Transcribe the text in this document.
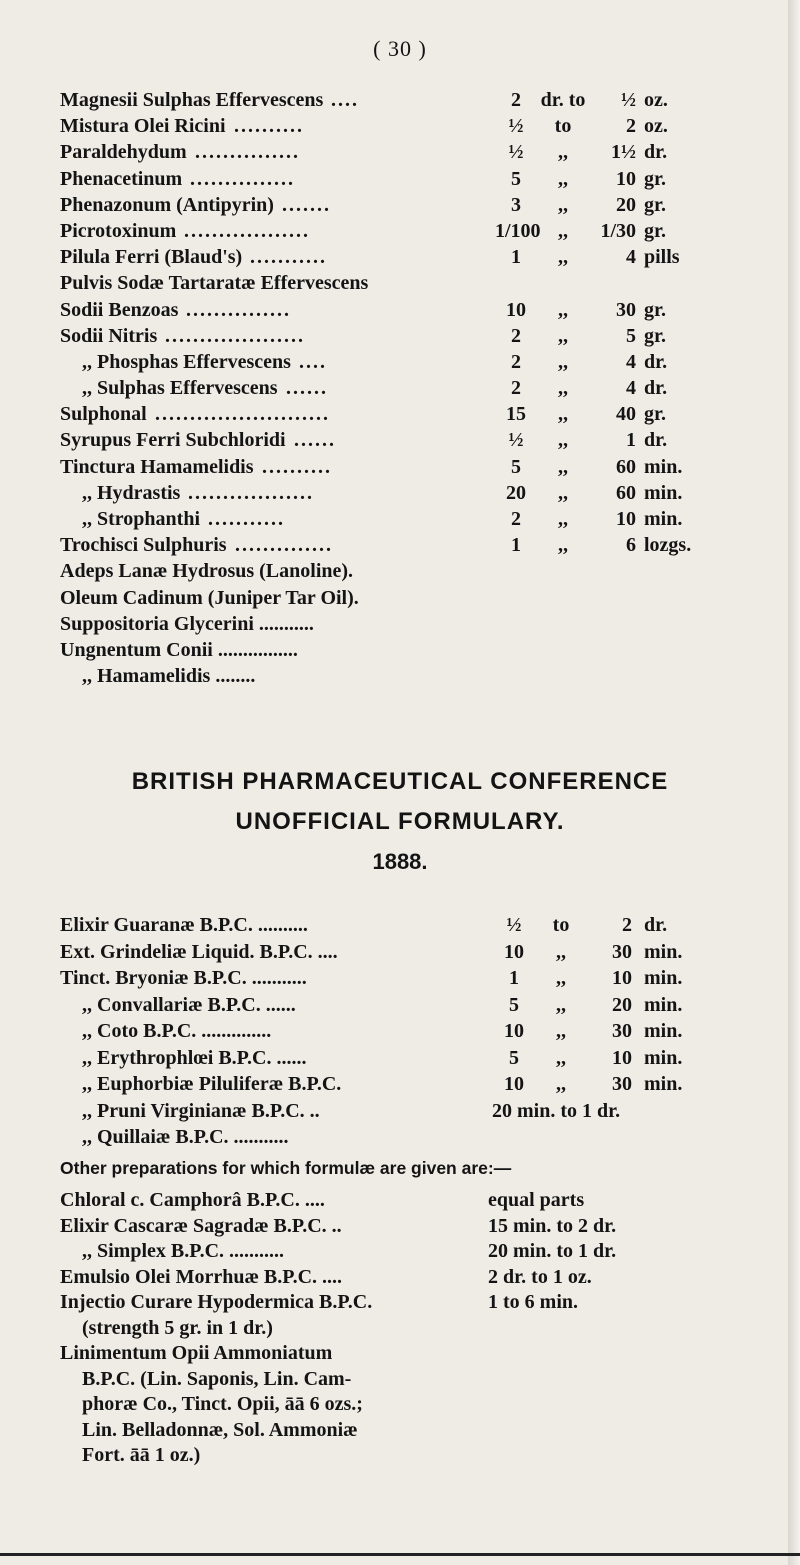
( 30 )
Magnesii Sulphas Effervescens ....	2 dr. to	½ oz.
Mistura Olei Ricini ..........	½	to	2 oz.
Paraldehydum ...............	½	,,	1½ dr.
Phenacetinum ...............	5	,,	10 gr.
Phenazonum (Antipyrin) .......	3	,,	20 gr.
Picrotoxinum ..................	1/100 ,,	1/30 gr.
Pilula Ferri (Blaud's) ...........	1	,,	4 pills
Pulvis Sodæ Tartaratæ Effervescens
Sodii Benzoas ...............	10	,,	30 gr.
Sodii Nitris ....................	2	,,	5 gr.
,, Phosphas Effervescens ....	2	,,	4 dr.
,, Sulphas Effervescens ......	2	,,	4 dr.
Sulphonal .........................	15	,,	40 gr.
Syrupus Ferri Subchloridi ......	½	,,	1 dr.
Tinctura Hamamelidis ..........	5	,,	60 min.
,, Hydrastis ..................	20	,,	60 min.
,, Strophanthi ...........	2	,,	10 min.
Trochisci Sulphuris ..............	1	,,	6 lozgs.
Adeps Lanæ Hydrosus (Lanoline).
Oleum Cadinum (Juniper Tar Oil).
Suppositoria Glycerini ...........
Ungnentum Conii ................
,, Hamamelidis ........
BRITISH PHARMACEUTICAL CONFERENCE
UNOFFICIAL FORMULARY.
1888.
Elixir Guaranæ B.P.C. ..........	½	to	2 dr.
Ext. Grindeliæ Liquid. B.P.C. ....	10	,,	30 min.
Tinct. Bryoniæ B.P.C. ...........	1	,,	10 min.
,, Convallariæ B.P.C. ......	5	,,	20 min.
,, Coto B.P.C. ..............	10	,,	30 min.
,, Erythrophlœi B.P.C. ......	5	,,	10 min.
,, Euphorbiæ Piluliferæ B.P.C.	10	,,	30 min.
,, Pruni Virginianæ B.P.C. ..	20 min. to 1 dr.
,, Quillaiæ B.P.C. ...........
Other preparations for which formulæ are given are:—
Chloral c. Camphorâ B.P.C. ....	equal parts
Elixir Cascaræ Sagradæ B.P.C. ..	15 min. to 2 dr.
,, Simplex B.P.C. ...........	20 min. to 1 dr.
Emulsio Olei Morrhuæ B.P.C. ....	2 dr. to 1 oz.
Injectio Curare Hypodermica B.P.C.	1 to 6 min.
(strength 5 gr. in 1 dr.)
Linimentum Opii Ammoniatum
B.P.C. (Lin. Saponis, Lin. Cam-
phoræ Co., Tinct. Opii, āā 6 ozs.;
Lin. Belladonnæ, Sol. Ammoniæ
Fort. āā 1 oz.)
